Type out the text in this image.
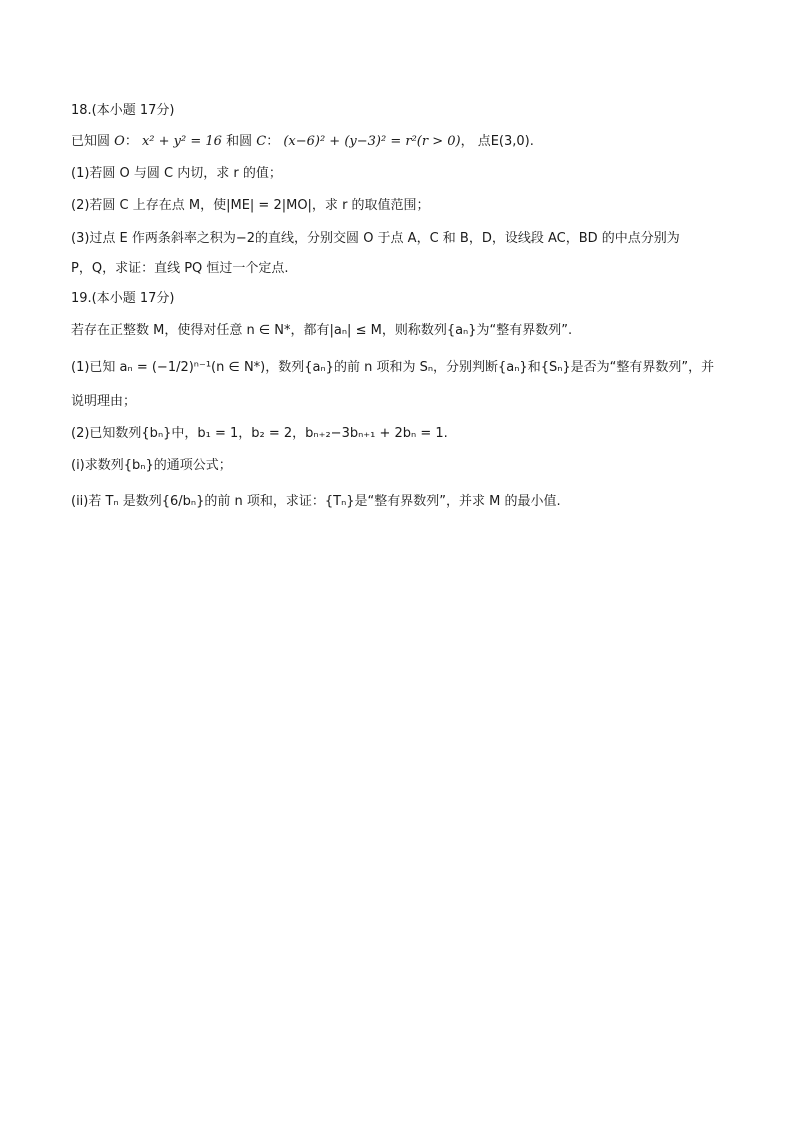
18.(本小题 17分)
已知圆 O： x² + y² = 16 和圆 C： (x−6)² + (y−3)² = r²(r > 0)， 点E(3,0).
(1)若圆 O 与圆 C 内切，求 r 的值；
(2)若圆 C 上存在点 M，使|ME| = 2|MO|，求 r 的取值范围；
(3)过点 E 作两条斜率之积为−2的直线，分别交圆 O 于点 A，C 和 B，D，设线段 AC，BD 的中点分别为
P，Q，求证：直线 PQ 恒过一个定点.
19.(本小题 17分)
若存在正整数 M，使得对任意 n ∈ N*，都有|aₙ| ≤ M，则称数列{aₙ}为“整有界数列”.
(1)已知 aₙ = (−1/2)ⁿ⁻¹(n ∈ N*)，数列{aₙ}的前 n 项和为 Sₙ，分别判断{aₙ}和{Sₙ}是否为“整有界数列”，并
说明理由；
(2)已知数列{bₙ}中，b₁ = 1，b₂ = 2，bₙ₊₂−3bₙ₊₁ + 2bₙ = 1.
(i)求数列{bₙ}的通项公式；
(ii)若 Tₙ 是数列{6/bₙ}的前 n 项和，求证：{Tₙ}是“整有界数列”，并求 M 的最小值.
